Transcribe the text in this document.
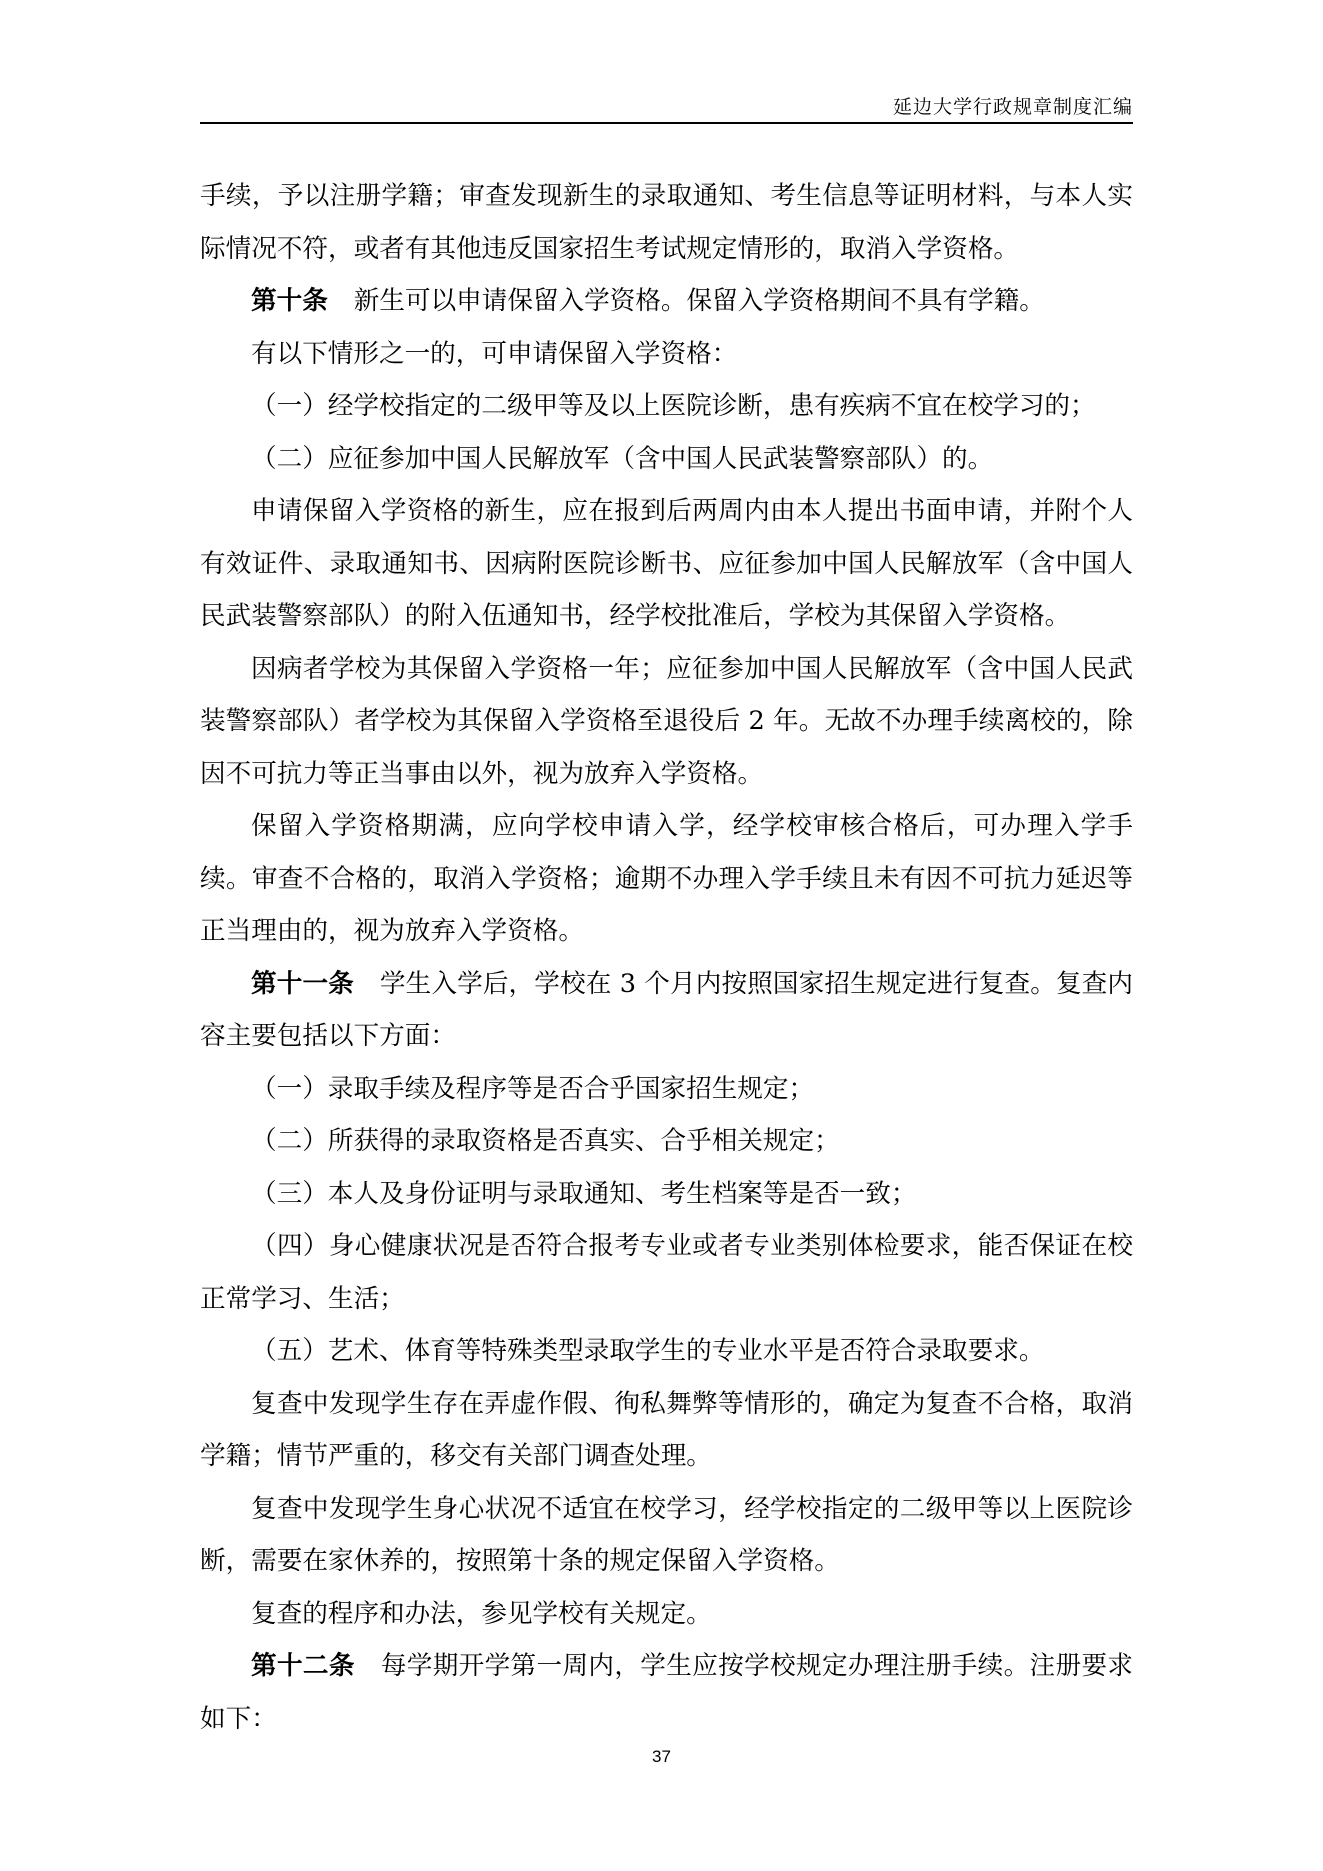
延边大学行政规章制度汇编

手续，予以注册学籍；审查发现新生的录取通知、考生信息等证明材料，与本人实际情况不符，或者有其他违反国家招生考试规定情形的，取消入学资格。

第十条 新生可以申请保留入学资格。保留入学资格期间不具有学籍。

有以下情形之一的，可申请保留入学资格：

（一）经学校指定的二级甲等及以上医院诊断，患有疾病不宜在校学习的；

（二）应征参加中国人民解放军（含中国人民武装警察部队）的。

申请保留入学资格的新生，应在报到后两周内由本人提出书面申请，并附个人有效证件、录取通知书、因病附医院诊断书、应征参加中国人民解放军（含中国人民武装警察部队）的附入伍通知书，经学校批准后，学校为其保留入学资格。

因病者学校为其保留入学资格一年；应征参加中国人民解放军（含中国人民武装警察部队）者学校为其保留入学资格至退役后 2 年。无故不办理手续离校的，除因不可抗力等正当事由以外，视为放弃入学资格。

保留入学资格期满，应向学校申请入学，经学校审核合格后，可办理入学手续。审查不合格的，取消入学资格；逾期不办理入学手续且未有因不可抗力延迟等正当理由的，视为放弃入学资格。

第十一条 学生入学后，学校在 3 个月内按照国家招生规定进行复查。复查内容主要包括以下方面：

（一）录取手续及程序等是否合乎国家招生规定；

（二）所获得的录取资格是否真实、合乎相关规定；

（三）本人及身份证明与录取通知、考生档案等是否一致；

（四）身心健康状况是否符合报考专业或者专业类别体检要求，能否保证在校正常学习、生活；

（五）艺术、体育等特殊类型录取学生的专业水平是否符合录取要求。

复查中发现学生存在弄虚作假、徇私舞弊等情形的，确定为复查不合格，取消学籍；情节严重的，移交有关部门调查处理。

复查中发现学生身心状况不适宜在校学习，经学校指定的二级甲等以上医院诊断，需要在家休养的，按照第十条的规定保留入学资格。

复查的程序和办法，参见学校有关规定。

第十二条 每学期开学第一周内，学生应按学校规定办理注册手续。注册要求如下：

37
